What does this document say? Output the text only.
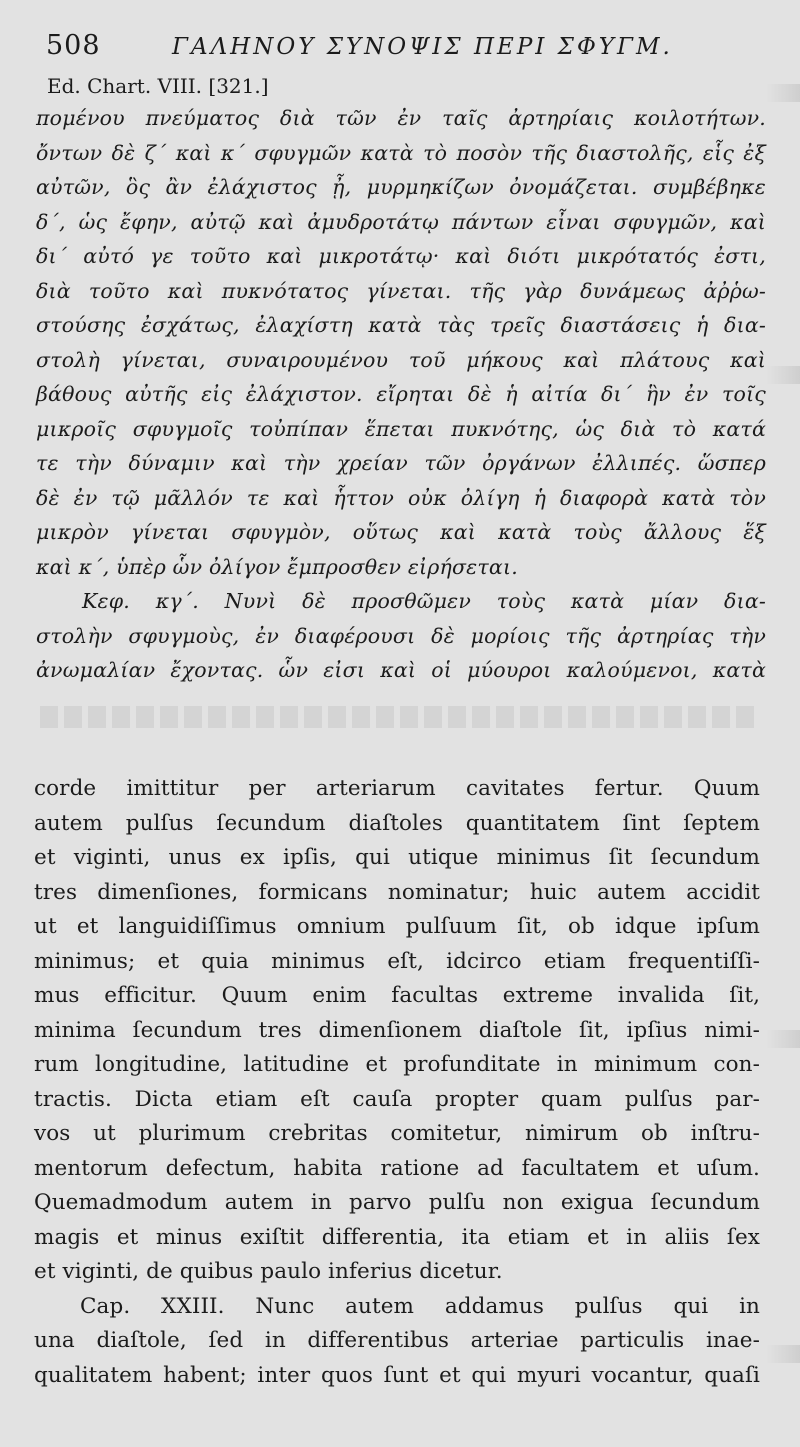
508	ΓΑΛΗΝΟΥ ΣΥΝΟΨΙΣ ΠΕΡΙ ΣΦΥΓΜ.
Ed. Chart. VIII. [321.]
πομένου πνεύματος διὰ τῶν ἐν ταῖς ἀρτηρίαις κοιλοτήτων.
ὄντων δὲ ζ΄ καὶ κ΄ σφυγμῶν κατὰ τὸ ποσὸν τῆς διαστολῆς, εἷς ἐξ
αὐτῶν, ὃς ἂν ἐλάχιστος ᾖ, μυρμηκίζων ὀνομάζεται. συμβέβηκε
δ΄, ὡς ἔφην, αὐτῷ καὶ ἀμυδροτάτῳ πάντων εἶναι σφυγμῶν, καὶ
δι΄ αὐτό γε τοῦτο καὶ μικροτάτῳ· καὶ διότι μικρότατός ἐστι,
διὰ τοῦτο καὶ πυκνότατος γίνεται. τῆς γὰρ δυνάμεως ἀῤῥω-
στούσης ἐσχάτως, ἐλαχίστη κατὰ τὰς τρεῖς διαστάσεις ἡ δια-
στολὴ γίνεται, συναιρουμένου τοῦ μήκους καὶ πλάτους καὶ
βάθους αὐτῆς εἰς ἐλάχιστον. εἴρηται δὲ ἡ αἰτία δι΄ ἣν ἐν τοῖς
μικροῖς σφυγμοῖς τοὐπίπαν ἕπεται πυκνότης, ὡς διὰ τὸ κατά
τε τὴν δύναμιν καὶ τὴν χρείαν τῶν ὀργάνων ἐλλιπές. ὥσπερ
δὲ ἐν τῷ μᾶλλόν τε καὶ ἧττον οὐκ ὀλίγη ἡ διαφορὰ κατὰ τὸν
μικρὸν γίνεται σφυγμὸν, οὕτως καὶ κατὰ τοὺς ἄλλους ἕξ
καὶ κ΄, ὑπὲρ ὧν ὀλίγον ἔμπροσθεν εἰρήσεται.
Κεφ. κγ΄. Νυνὶ δὲ προσθῶμεν τοὺς κατὰ μίαν δια-
στολὴν σφυγμοὺς, ἐν διαφέρουσι δὲ μορίοις τῆς ἀρτηρίας τὴν
ἀνωμαλίαν ἔχοντας. ὧν εἰσι καὶ οἱ μύουροι καλούμενοι, κατὰ
corde imittitur per arteriarum cavitates fertur. Quum
autem pulſus ſecundum diaſtoles quantitatem ſint ſeptem
et viginti, unus ex ipſis, qui utique minimus ſit ſecundum
tres dimenſiones, formicans nominatur; huic autem accidit
ut et languidiſſimus omnium pulſuum ſit, ob idque ipſum
minimus; et quia minimus eſt, idcirco etiam frequentiſſi-
mus efficitur. Quum enim facultas extreme invalida ſit,
minima ſecundum tres dimenſionem diaſtole ſit, ipſius nimi-
rum longitudine, latitudine et profunditate in minimum con-
tractis. Dicta etiam eſt cauſa propter quam pulſus par-
vos ut plurimum crebritas comitetur, nimirum ob inſtru-
mentorum defectum, habita ratione ad facultatem et uſum.
Quemadmodum autem in parvo pulſu non exigua ſecundum
magis et minus exiſtit differentia, ita etiam et in aliis ſex
et viginti, de quibus paulo inferius dicetur.
Cap. XXIII. Nunc autem addamus pulſus qui in
una diaſtole, ſed in differentibus arteriae particulis inae-
qualitatem habent; inter quos ſunt et qui myuri vocantur, quaſi
